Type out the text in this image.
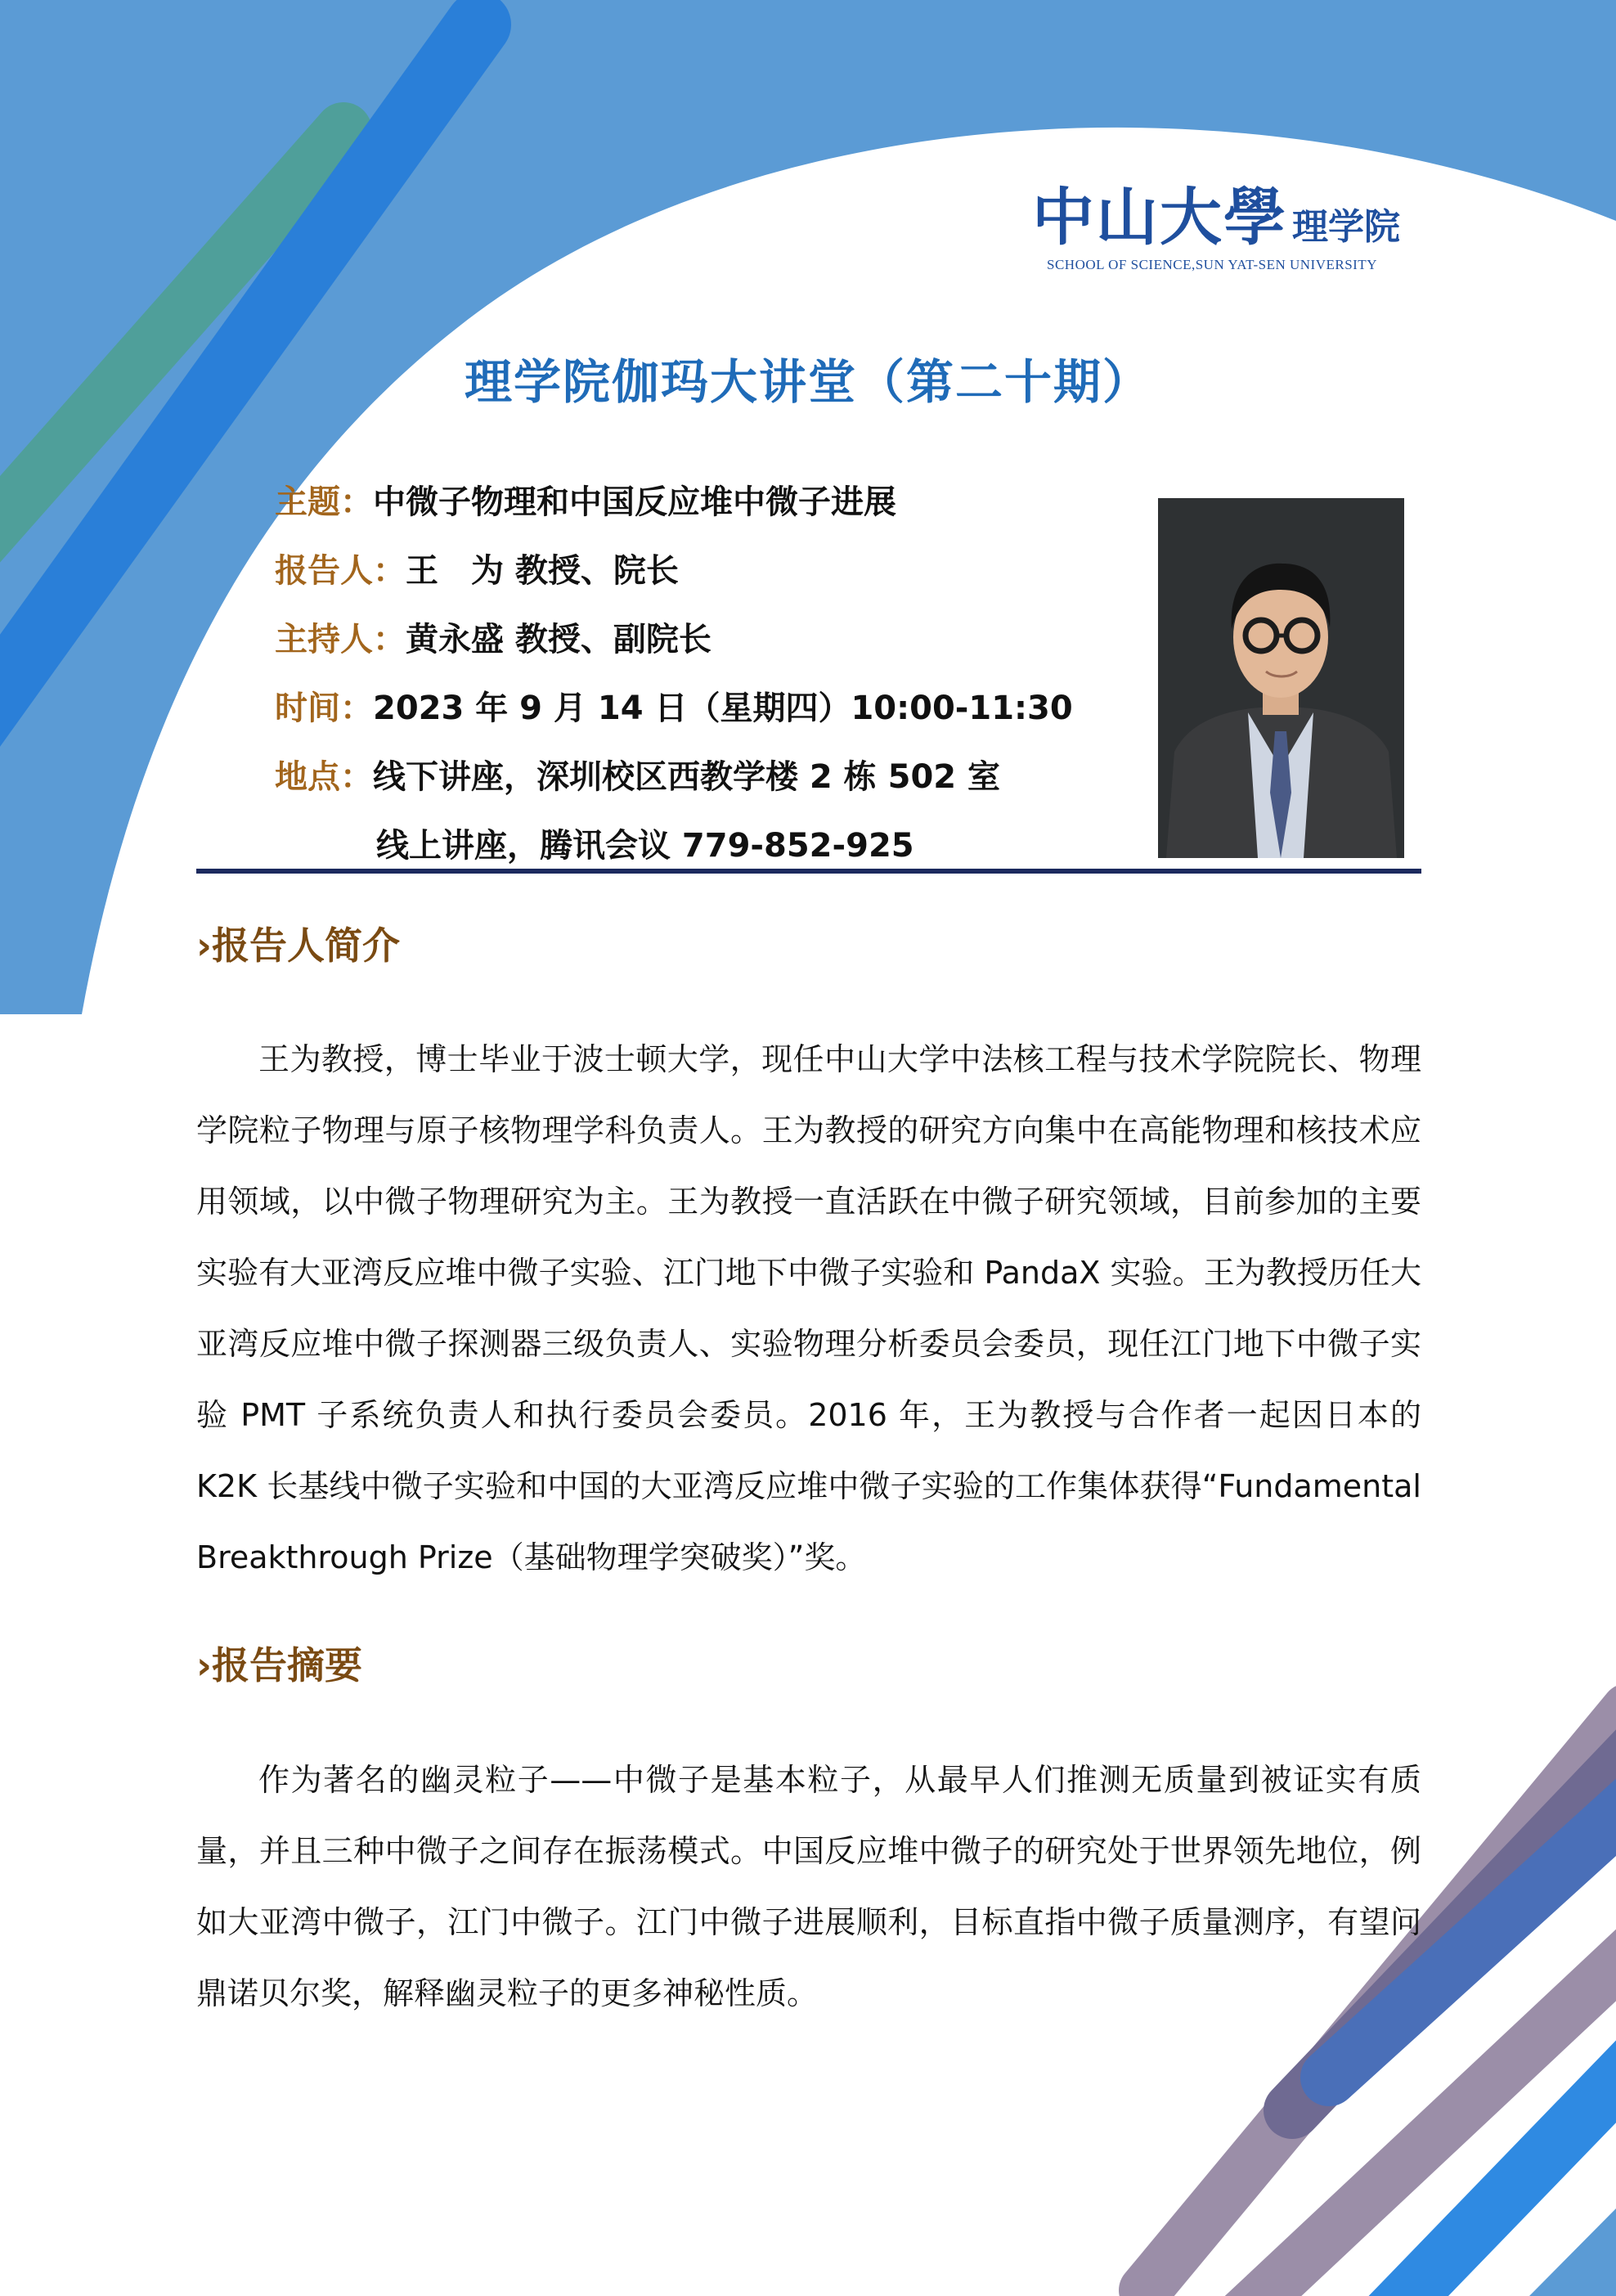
中山大學 理学院
SCHOOL OF SCIENCE,SUN YAT-SEN UNIVERSITY
理学院伽玛大讲堂（第二十期）
主题：中微子物理和中国反应堆中微子进展
报告人：王　为 教授、院长
主持人：黄永盛 教授、副院长
时间：2023 年 9 月 14 日（星期四）10:00-11:30
地点：线下讲座，深圳校区西教学楼 2 栋 502 室
线上讲座，腾讯会议 779-852-925
›报告人简介

王为教授，博士毕业于波士顿大学，现任中山大学中法核工程与技术学院院长、物理学院粒子物理与原子核物理学科负责人。王为教授的研究方向集中在高能物理和核技术应用领域，以中微子物理研究为主。王为教授一直活跃在中微子研究领域，目前参加的主要实验有大亚湾反应堆中微子实验、江门地下中微子实验和 PandaX 实验。王为教授历任大亚湾反应堆中微子探测器三级负责人、实验物理分析委员会委员，现任江门地下中微子实验 PMT 子系统负责人和执行委员会委员。2016 年，王为教授与合作者一起因日本的 K2K 长基线中微子实验和中国的大亚湾反应堆中微子实验的工作集体获得“Fundamental Breakthrough Prize（基础物理学突破奖）”奖。

›报告摘要

作为著名的幽灵粒子——中微子是基本粒子，从最早人们推测无质量到被证实有质量，并且三种中微子之间存在振荡模式。中国反应堆中微子的研究处于世界领先地位，例如大亚湾中微子，江门中微子。江门中微子进展顺利，目标直指中微子质量测序，有望问鼎诺贝尔奖，解释幽灵粒子的更多神秘性质。
